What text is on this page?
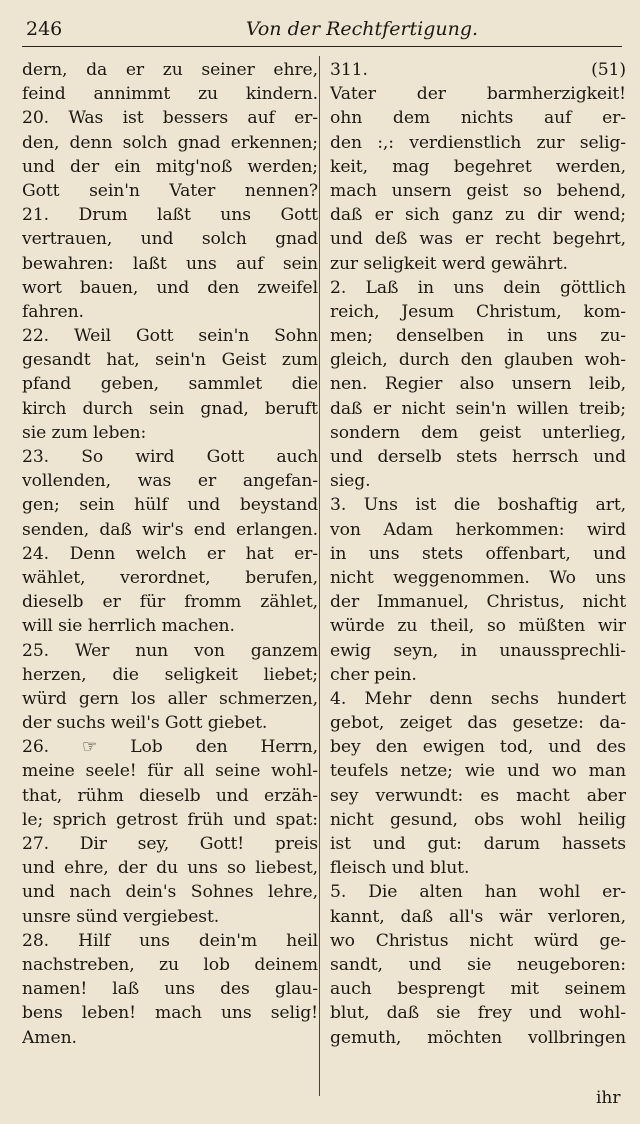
246	Von der Rechtfertigung.
dern, da er zu seiner ehre,
feind annimmt zu kindern.
20. Was ist bessers auf er-
den, denn solch gnad erkennen;
und der ein mitg'noß werden;
Gott sein'n Vater nennen?
21. Drum laßt uns Gott
vertrauen, und solch gnad
bewahren: laßt uns auf sein
wort bauen, und den zweifel
fahren.
22. Weil Gott sein'n Sohn
gesandt hat, sein'n Geist zum
pfand geben, sammlet die
kirch durch sein gnad, beruft
sie zum leben:
23. So wird Gott auch
vollenden, was er angefan-
gen; sein hülf und beystand
senden, daß wir's end erlangen.
24. Denn welch er hat er-
wählet, verordnet, berufen,
dieselb er für fromm zählet,
will sie herrlich machen.
25. Wer nun von ganzem
herzen, die seligkeit liebet;
würd gern los aller schmerzen,
der suchs weil's Gott giebet.
26. ☞ Lob den Herrn,
meine seele! für all seine wohl-
that, rühm dieselb und erzäh-
le; sprich getrost früh und spat:
27. Dir sey, Gott! preis
und ehre, der du uns so liebest,
und nach dein's Sohnes lehre,
unsre sünd vergiebest.
28. Hilf uns dein'm heil
nachstreben, zu lob deinem
namen! laß uns des glau-
bens leben! mach uns selig!
Amen.
311.	(51)
Vater der barmherzigkeit!
ohn dem nichts auf er-
den :,: verdienstlich zur selig-
keit, mag begehret werden,
mach unsern geist so behend,
daß er sich ganz zu dir wend;
und deß was er recht begehrt,
zur seligkeit werd gewährt.
2. Laß in uns dein göttlich
reich, Jesum Christum, kom-
men; denselben in uns zu-
gleich, durch den glauben woh-
nen. Regier also unsern leib,
daß er nicht sein'n willen treib;
sondern dem geist unterlieg,
und derselb stets herrsch und
sieg.
3. Uns ist die boshaftig art,
von Adam herkommen: wird
in uns stets offenbart, und
nicht weggenommen. Wo uns
der Immanuel, Christus, nicht
würde zu theil, so müßten wir
ewig seyn, in unaussprechli-
cher pein.
4. Mehr denn sechs hundert
gebot, zeiget das gesetze: da-
bey den ewigen tod, und des
teufels netze; wie und wo man
sey verwundt: es macht aber
nicht gesund, obs wohl heilig
ist und gut: darum hassets
fleisch und blut.
5. Die alten han wohl er-
kannt, daß all's wär verloren,
wo Christus nicht würd ge-
sandt, und sie neugeboren:
auch besprengt mit seinem
blut, daß sie frey und wohl-
gemuth, möchten vollbringen
ihr
